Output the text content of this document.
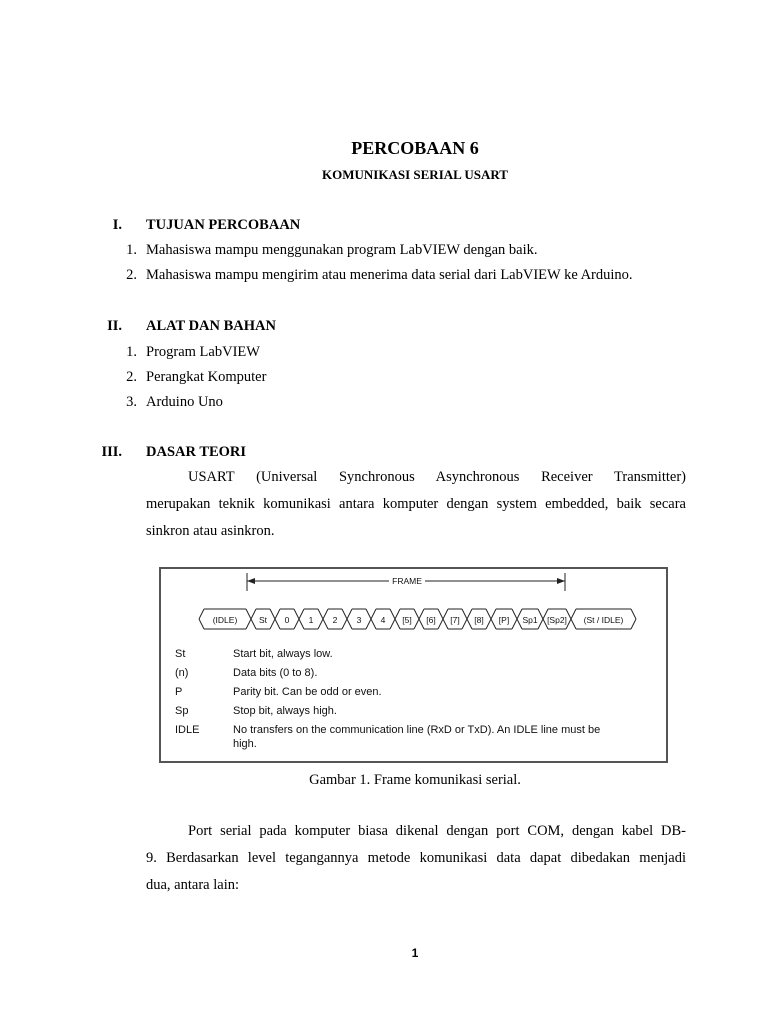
PERCOBAAN 6
KOMUNIKASI SERIAL USART
I. TUJUAN PERCOBAAN
1. Mahasiswa mampu menggunakan program LabVIEW dengan baik.
2. Mahasiswa mampu mengirim atau menerima data serial dari LabVIEW ke Arduino.
II. ALAT DAN BAHAN
1. Program LabVIEW
2. Perangkat Komputer
3. Arduino Uno
III. DASAR TEORI
USART (Universal Synchronous Asynchronous Receiver Transmitter)
merupakan teknik komunikasi antara komputer dengan system embedded, baik secara
sinkron atau asinkron.
FRAME
(IDLE)	St 0 1 2 3 4 [5] [6] [7] [8] [P] Sp1 [Sp2] (St / IDLE)
St	Start bit, always low.
(n)	Data bits (0 to 8).
P	Parity bit. Can be odd or even.
Sp	Stop bit, always high.
IDLE	No transfers on the communication line (RxD or TxD). An IDLE line must be
high.
Gambar 1. Frame komunikasi serial.
Port serial pada komputer biasa dikenal dengan port COM, dengan kabel DB-
9. Berdasarkan level tegangannya metode komunikasi data dapat dibedakan menjadi
dua, antara lain:
1
